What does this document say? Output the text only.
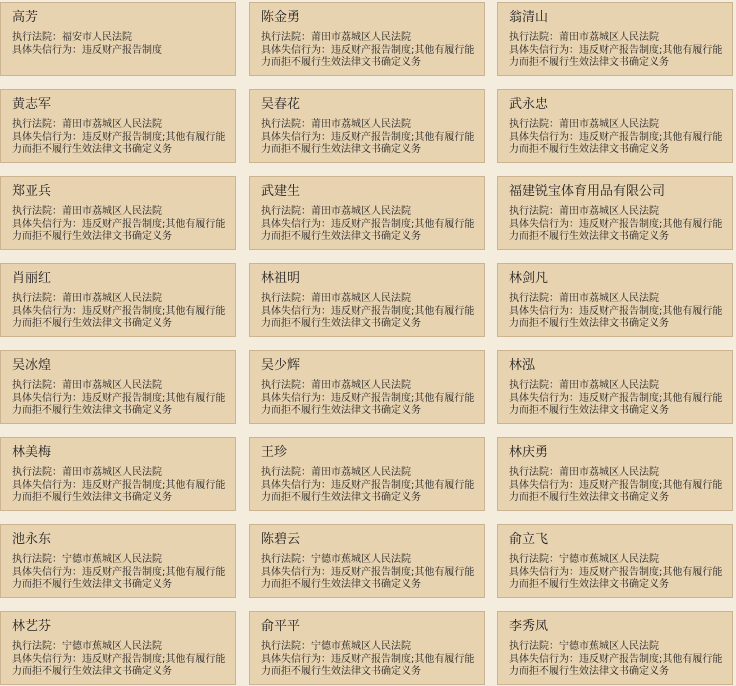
高芳
执行法院：福安市人民法院
具体失信行为：违反财产报告制度
陈金勇
执行法院：莆田市荔城区人民法院
具体失信行为：违反财产报告制度;其他有履行能力而拒不履行生效法律文书确定义务
翁清山
执行法院：莆田市荔城区人民法院
具体失信行为：违反财产报告制度;其他有履行能力而拒不履行生效法律文书确定义务
黄志军
执行法院：莆田市荔城区人民法院
具体失信行为：违反财产报告制度;其他有履行能力而拒不履行生效法律文书确定义务
吴春花
执行法院：莆田市荔城区人民法院
具体失信行为：违反财产报告制度;其他有履行能力而拒不履行生效法律文书确定义务
武永忠
执行法院：莆田市荔城区人民法院
具体失信行为：违反财产报告制度;其他有履行能力而拒不履行生效法律文书确定义务
郑亚兵
执行法院：莆田市荔城区人民法院
具体失信行为：违反财产报告制度;其他有履行能力而拒不履行生效法律文书确定义务
武建生
执行法院：莆田市荔城区人民法院
具体失信行为：违反财产报告制度;其他有履行能力而拒不履行生效法律文书确定义务
福建锐宝体育用品有限公司
执行法院：莆田市荔城区人民法院
具体失信行为：违反财产报告制度;其他有履行能力而拒不履行生效法律文书确定义务
肖丽红
执行法院：莆田市荔城区人民法院
具体失信行为：违反财产报告制度;其他有履行能力而拒不履行生效法律文书确定义务
林祖明
执行法院：莆田市荔城区人民法院
具体失信行为：违反财产报告制度;其他有履行能力而拒不履行生效法律文书确定义务
林剑凡
执行法院：莆田市荔城区人民法院
具体失信行为：违反财产报告制度;其他有履行能力而拒不履行生效法律文书确定义务
吴冰煌
执行法院：莆田市荔城区人民法院
具体失信行为：违反财产报告制度;其他有履行能力而拒不履行生效法律文书确定义务
吴少辉
执行法院：莆田市荔城区人民法院
具体失信行为：违反财产报告制度;其他有履行能力而拒不履行生效法律文书确定义务
林泓
执行法院：莆田市荔城区人民法院
具体失信行为：违反财产报告制度;其他有履行能力而拒不履行生效法律文书确定义务
林美梅
执行法院：莆田市荔城区人民法院
具体失信行为：违反财产报告制度;其他有履行能力而拒不履行生效法律文书确定义务
王珍
执行法院：莆田市荔城区人民法院
具体失信行为：违反财产报告制度;其他有履行能力而拒不履行生效法律文书确定义务
林庆勇
执行法院：莆田市荔城区人民法院
具体失信行为：违反财产报告制度;其他有履行能力而拒不履行生效法律文书确定义务
池永东
执行法院：宁德市蕉城区人民法院
具体失信行为：违反财产报告制度;其他有履行能力而拒不履行生效法律文书确定义务
陈碧云
执行法院：宁德市蕉城区人民法院
具体失信行为：违反财产报告制度;其他有履行能力而拒不履行生效法律文书确定义务
俞立飞
执行法院：宁德市蕉城区人民法院
具体失信行为：违反财产报告制度;其他有履行能力而拒不履行生效法律文书确定义务
林艺芬
执行法院：宁德市蕉城区人民法院
具体失信行为：违反财产报告制度;其他有履行能力而拒不履行生效法律文书确定义务
俞平平
执行法院：宁德市蕉城区人民法院
具体失信行为：违反财产报告制度;其他有履行能力而拒不履行生效法律文书确定义务
李秀凤
执行法院：宁德市蕉城区人民法院
具体失信行为：违反财产报告制度;其他有履行能力而拒不履行生效法律文书确定义务
